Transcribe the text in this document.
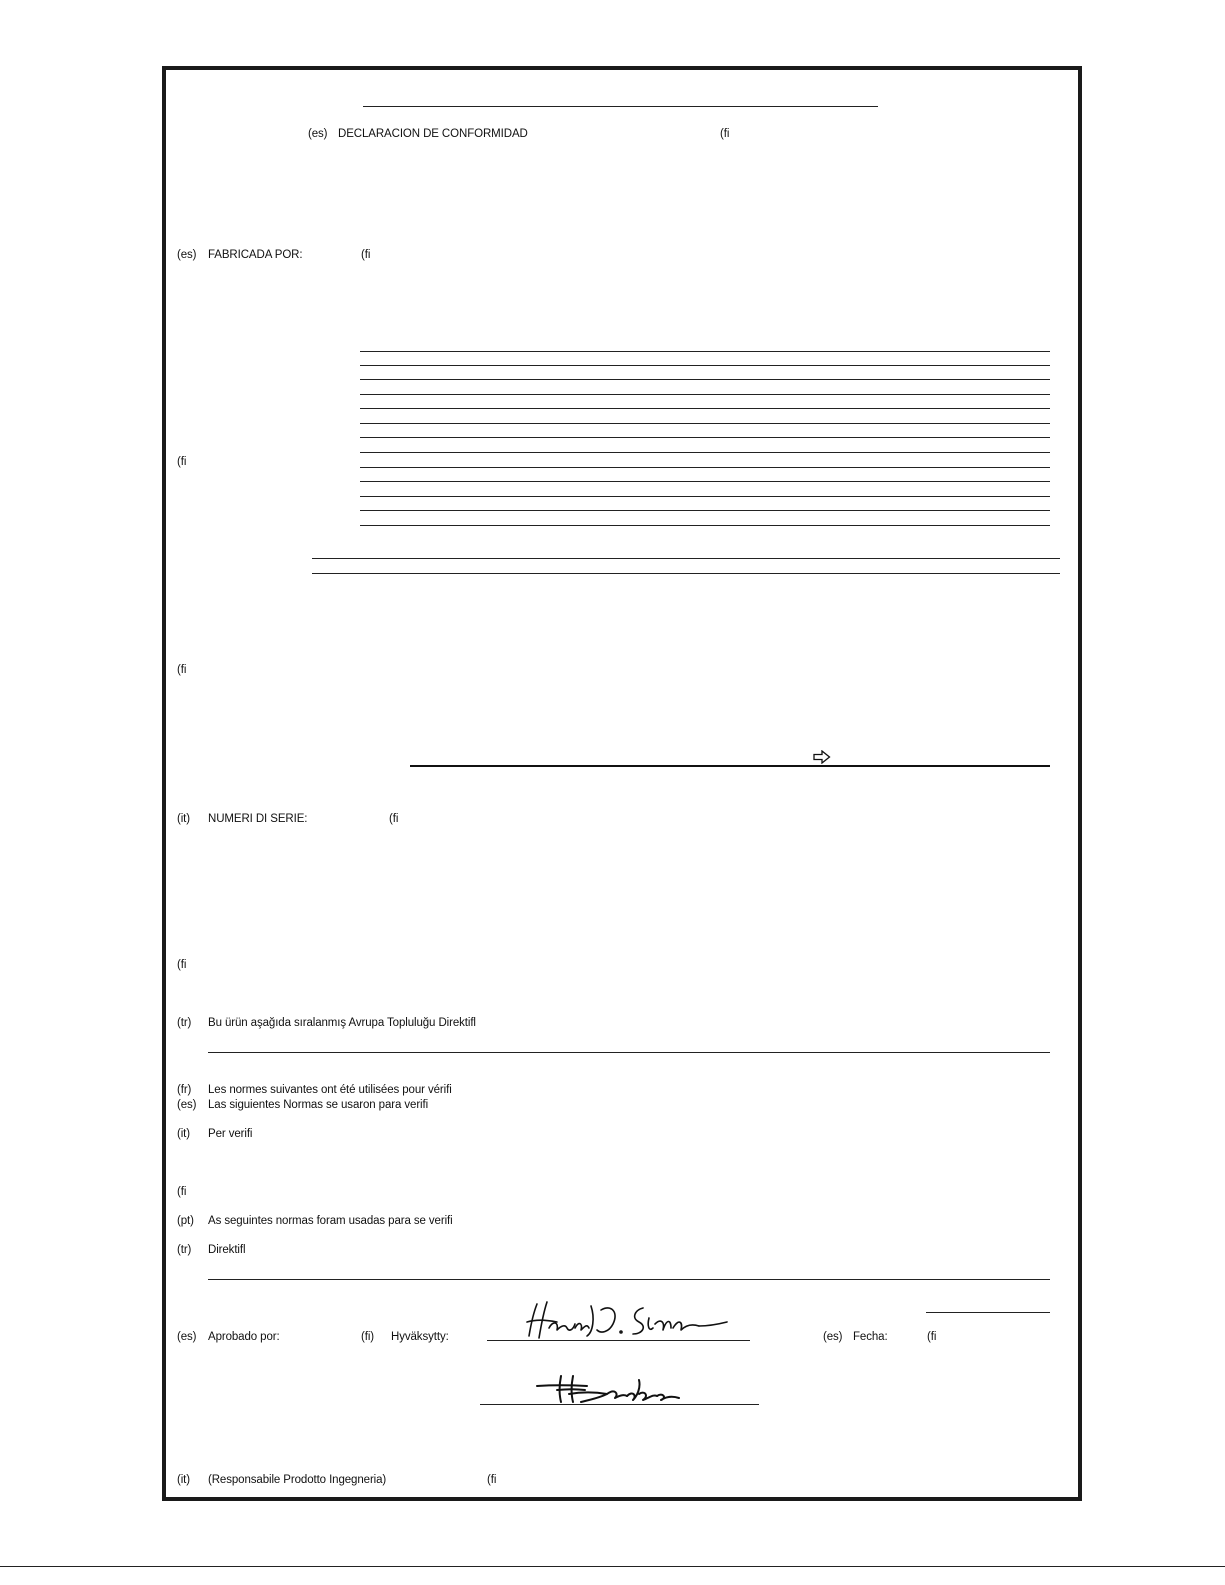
(es) DECLARACION DE CONFORMIDAD	(fi
(es) FABRICADA POR:	(fi
(fi
(fi
(it) NUMERI DI SERIE:	(fi
(fi
(tr) Bu ürün aşağıda sıralanmış Avrupa Topluluğu Direktifl
(fr) Les normes suivantes ont été utilisées pour vérifi
(es) Las siguientes Normas se usaron para verifi
(it) Per verifi
(fi
(pt) As seguintes normas foram usadas para se verifi
(tr) Direktifl
(es) Aprobado por:	(fi) Hyväksytty:	(es) Fecha:	(fi
(it) (Responsabile Prodotto Ingegneria)	(fi
